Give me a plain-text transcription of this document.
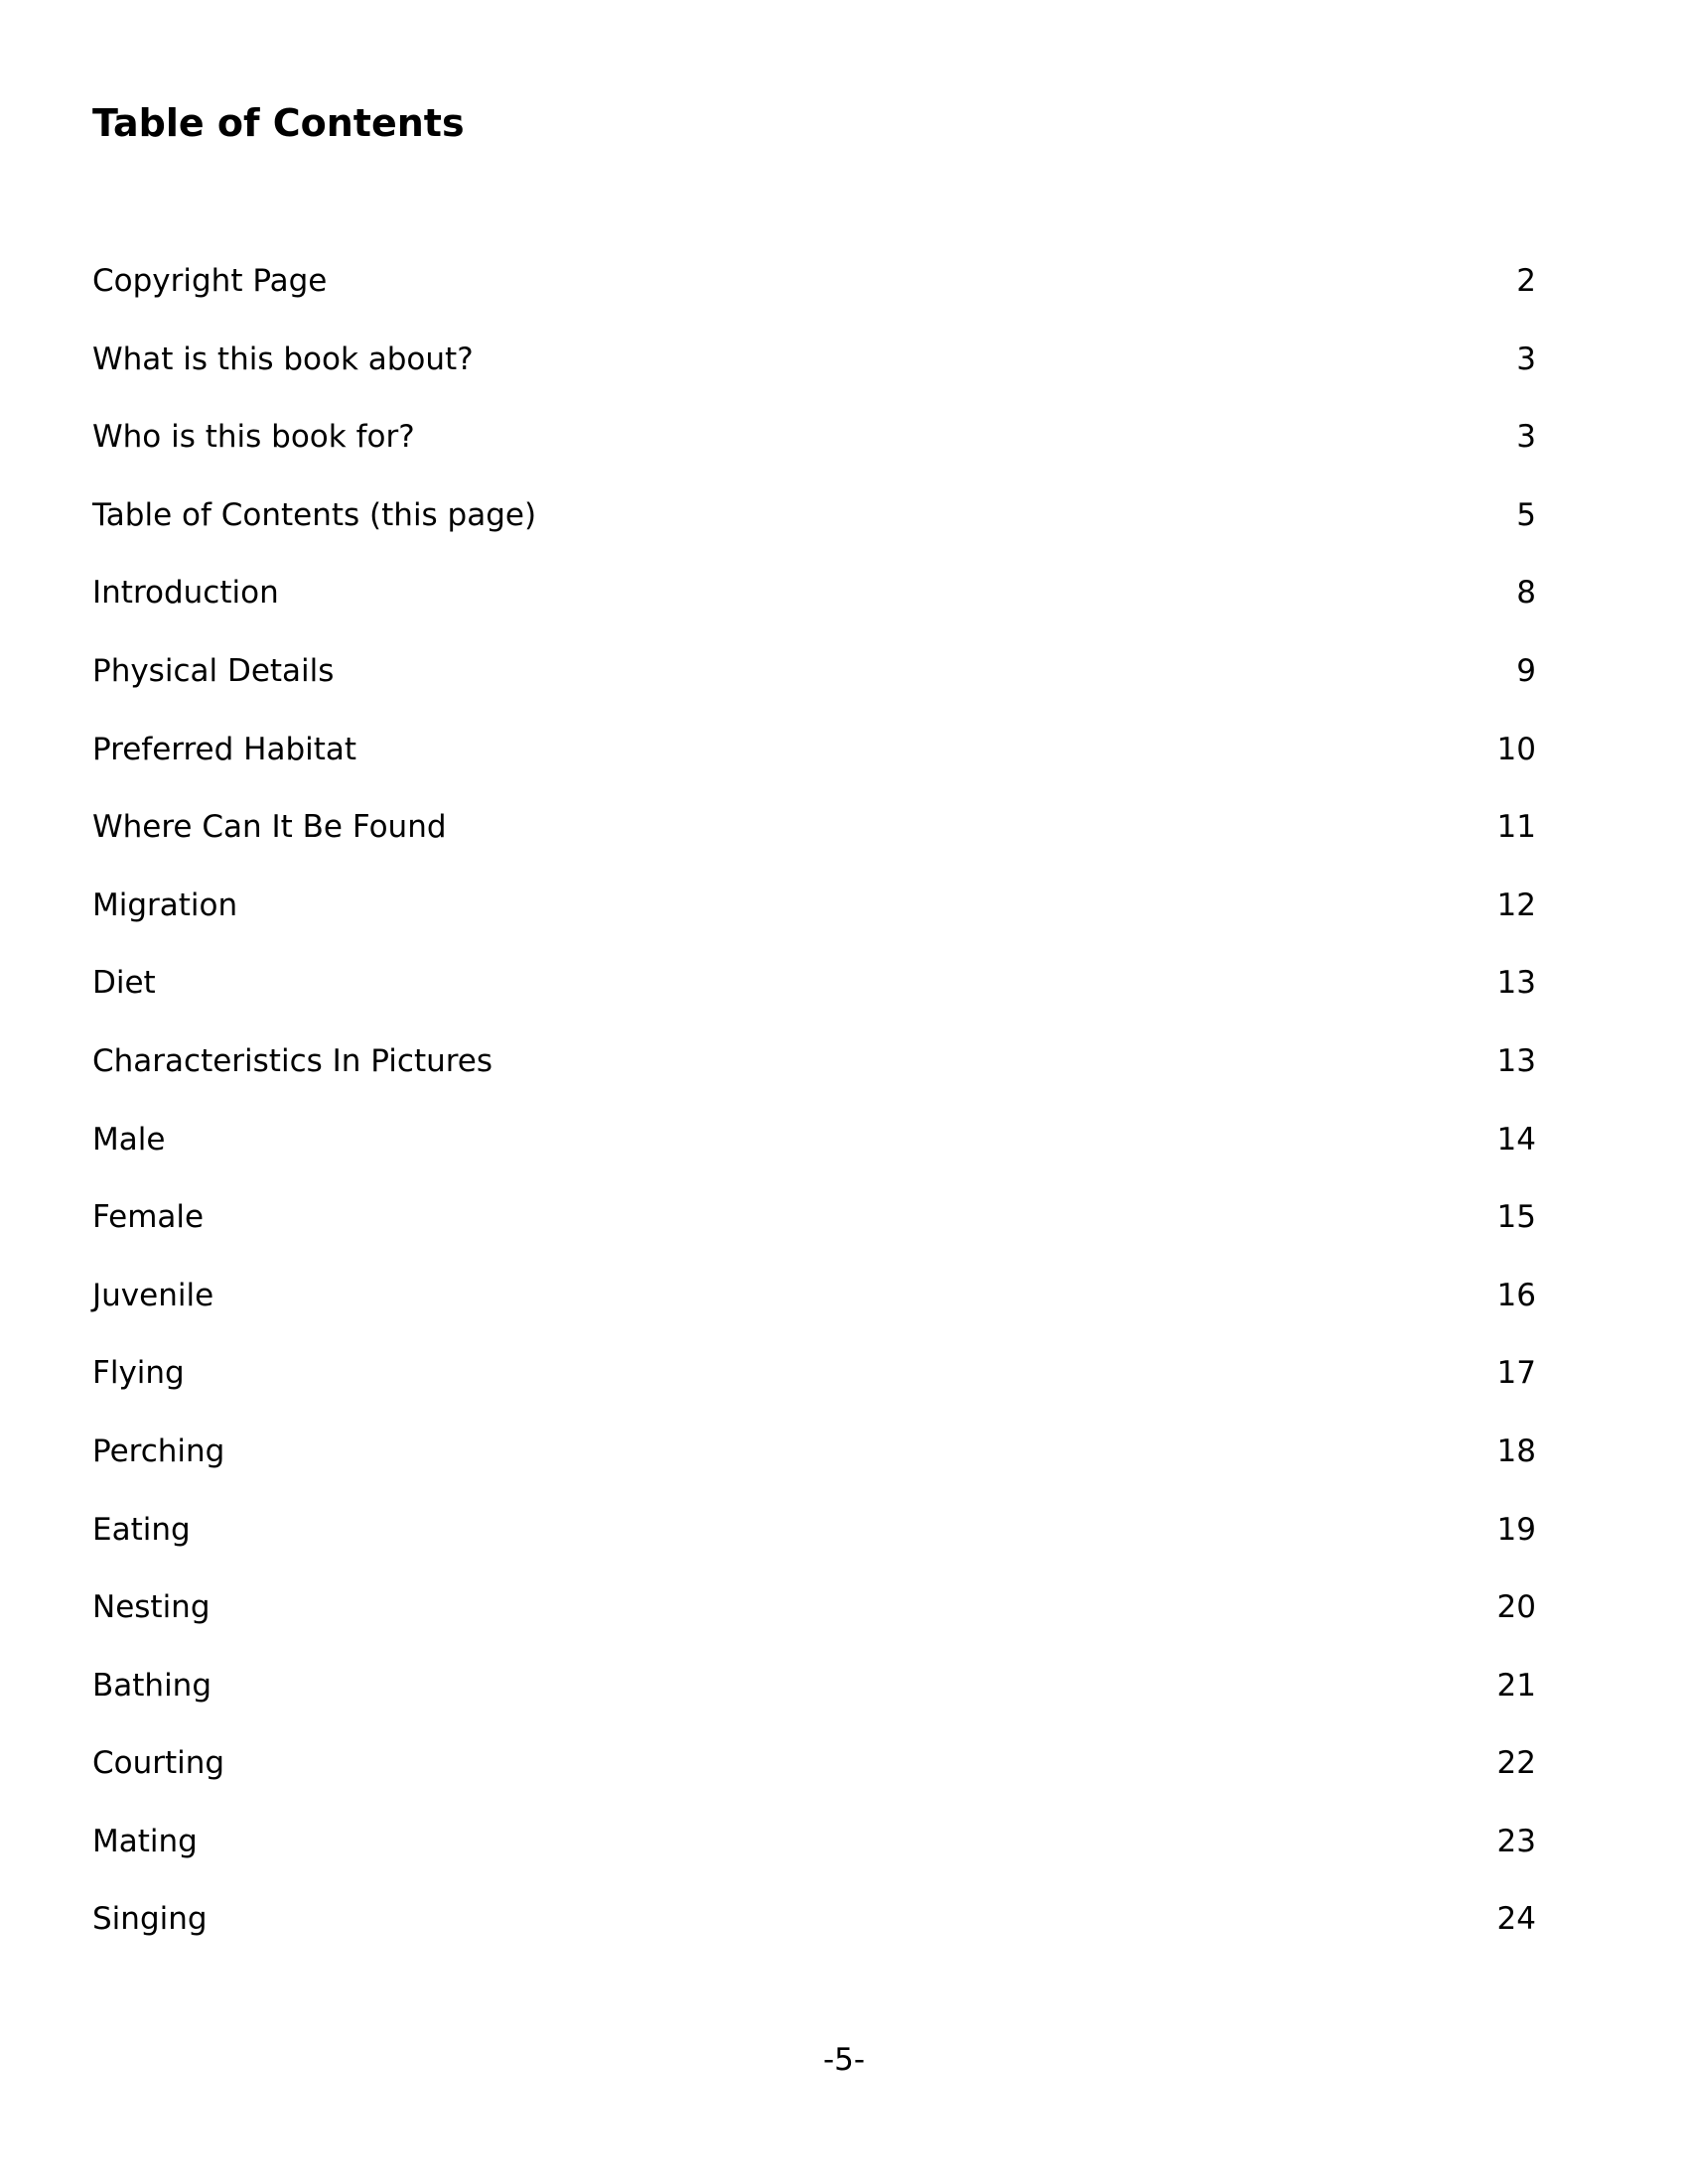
Table of Contents
Copyright Page	2
What is this book about?	3
Who is this book for?	3
Table of Contents (this page)	5
Introduction	8
Physical Details	9
Preferred Habitat	10
Where Can It Be Found	11
Migration	12
Diet	13
Characteristics In Pictures	13
Male	14
Female	15
Juvenile	16
Flying	17
Perching	18
Eating	19
Nesting	20
Bathing	21
Courting	22
Mating	23
Singing	24
-5-
